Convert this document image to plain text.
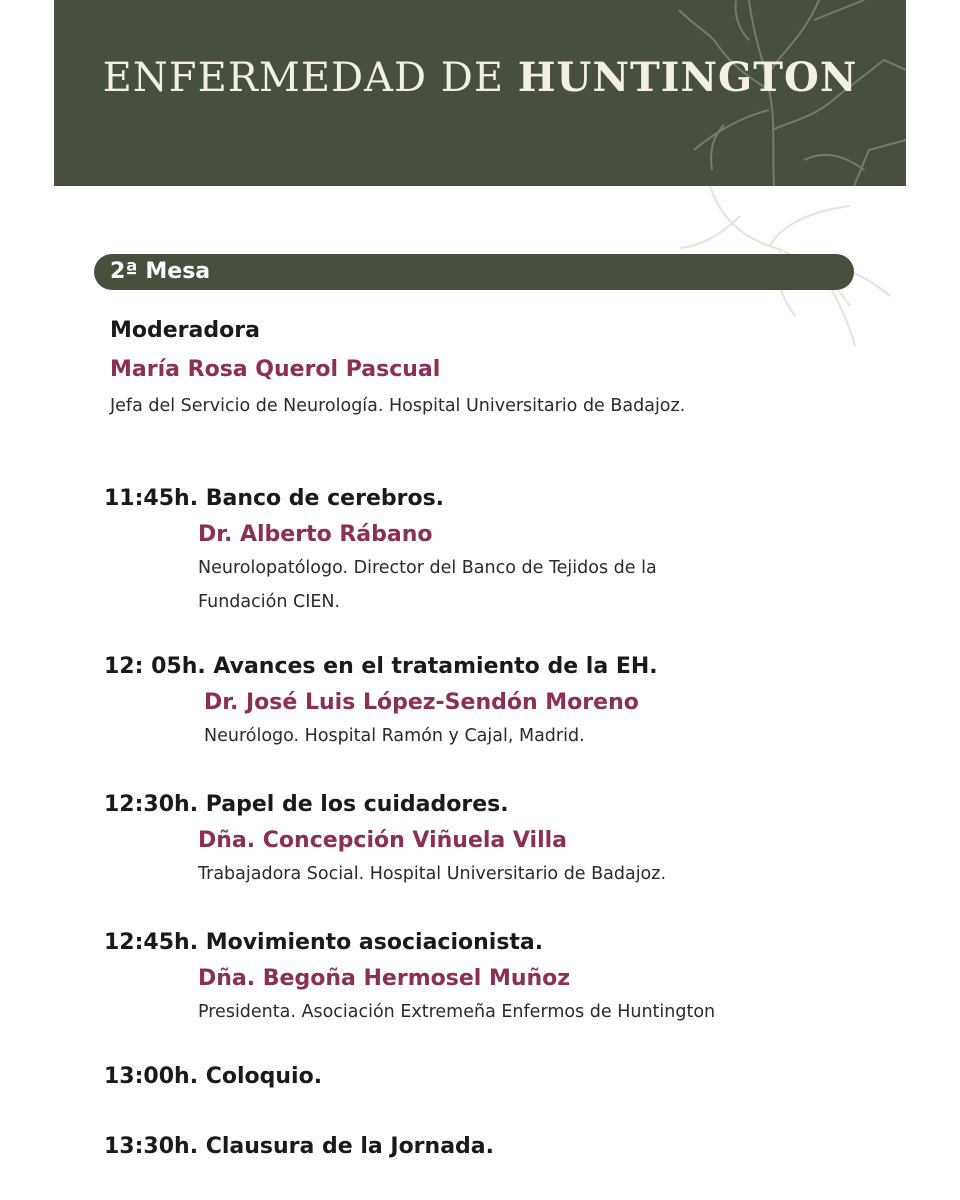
ENFERMEDAD DE HUNTINGTON
2ª Mesa
Moderadora
María Rosa Querol Pascual
Jefa del Servicio de Neurología. Hospital Universitario de Badajoz.
11:45h. Banco de cerebros.
Dr. Alberto Rábano
Neurolopatólogo. Director del Banco de Tejidos de la
Fundación CIEN.
12: 05h. Avances en el tratamiento de la EH.
Dr. José Luis López-Sendón Moreno
Neurólogo. Hospital Ramón y Cajal, Madrid.
12:30h. Papel de los cuidadores.
Dña. Concepción Viñuela Villa
Trabajadora Social. Hospital Universitario de Badajoz.
12:45h. Movimiento asociacionista.
Dña. Begoña Hermosel Muñoz
Presidenta. Asociación Extremeña Enfermos de Huntington
13:00h. Coloquio.
13:30h. Clausura de la Jornada.
